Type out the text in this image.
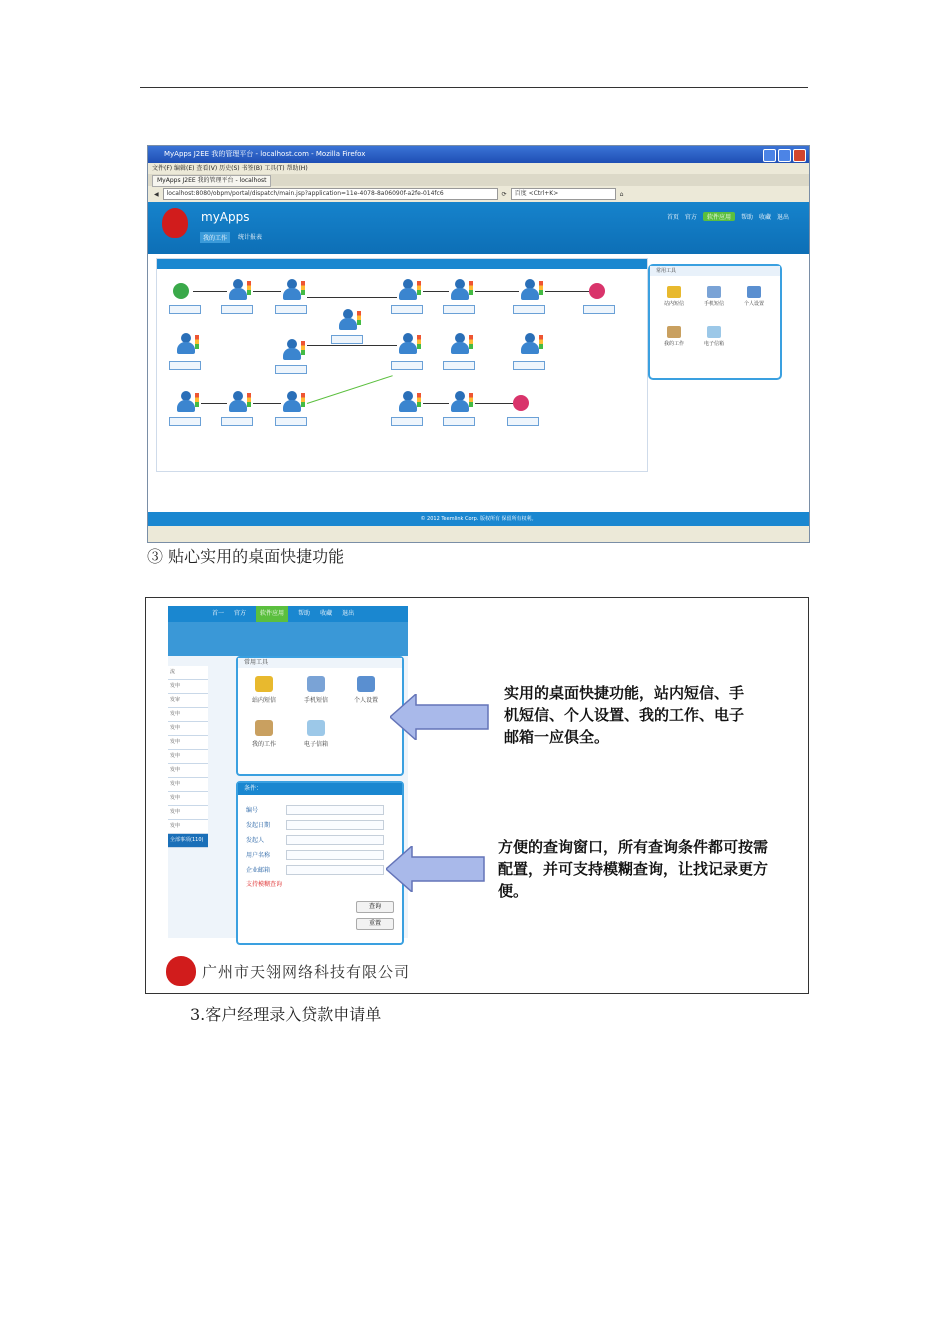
MyApps J2EE 我的管理平台 - localhost.com - Mozilla Firefox
文件(F) 编辑(E) 查看(V) 历史(S) 书签(B) 工具(T) 帮助(H)
MyApps J2EE 我的管理平台 - localhost
◀	localhost:8080/obpm/portal/dispatch/main.jsp?application=11e-4078-8a06090f-a2fe-014fc6	⟳	百度 <Ctrl+K>	⌂
myApps	首页 官方	软件应用	帮助 收藏 退出
我的工作	统计报表
常用工具
站内短信	手机短信	个人设置
我的工作	电子信箱
© 2012 Teemlink Corp. 版权所有 保留所有权利。
③ 贴心实用的桌面快捷功能
首一 官方	软件应用	帮助 收藏 退出
流
发申
发审
发申
发申
发申
发申
发申
发申
发申
发申
发申
全部事项(110)
常用工具
站内短信	手机短信	个人设置
我的工作	电子信箱
条件：
编号
发起日期
发起人
用户名称
企业邮箱
支持模糊查询
查询
重置
实用的桌面快捷功能，站内短信、手机短信、个人设置、我的工作、电子邮箱一应俱全。
方便的查询窗口，所有查询条件都可按需配置，并可支持模糊查询，让找记录更方便。
广州市天翎网络科技有限公司
3.客户经理录入贷款申请单
